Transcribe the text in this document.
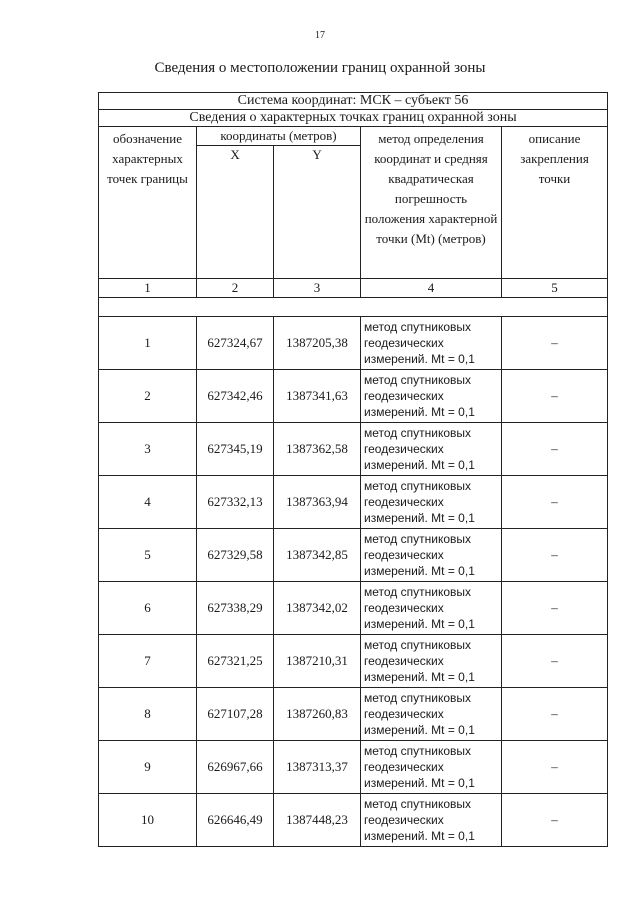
17
Сведения о местоположении границ охранной зоны
Система координат: МСК – субъект 56				
Сведения о характерных точках границ охранной зоны				
обозначение характерных точек границы	координаты (метров)
X Y		метод определения координат и средняя квадратическая погрешность положения характерной точки (Mt) (метров)	описание закрепления точки
1	2	3	4	5

1	627324,67	1387205,38	метод спутниковых геодезических измерений. Mt = 0,1	–
2	627342,46	1387341,63	метод спутниковых геодезических измерений. Mt = 0,1	–
3	627345,19	1387362,58	метод спутниковых геодезических измерений. Mt = 0,1	–
4	627332,13	1387363,94	метод спутниковых геодезических измерений. Mt = 0,1	–
5	627329,58	1387342,85	метод спутниковых геодезических измерений. Mt = 0,1	–
6	627338,29	1387342,02	метод спутниковых геодезических измерений. Mt = 0,1	–
7	627321,25	1387210,31	метод спутниковых геодезических измерений. Mt = 0,1	–
8	627107,28	1387260,83	метод спутниковых геодезических измерений. Mt = 0,1	–
9	626967,66	1387313,37	метод спутниковых геодезических измерений. Mt = 0,1	–
10	626646,49	1387448,23	метод спутниковых геодезических измерений. Mt = 0,1	–
